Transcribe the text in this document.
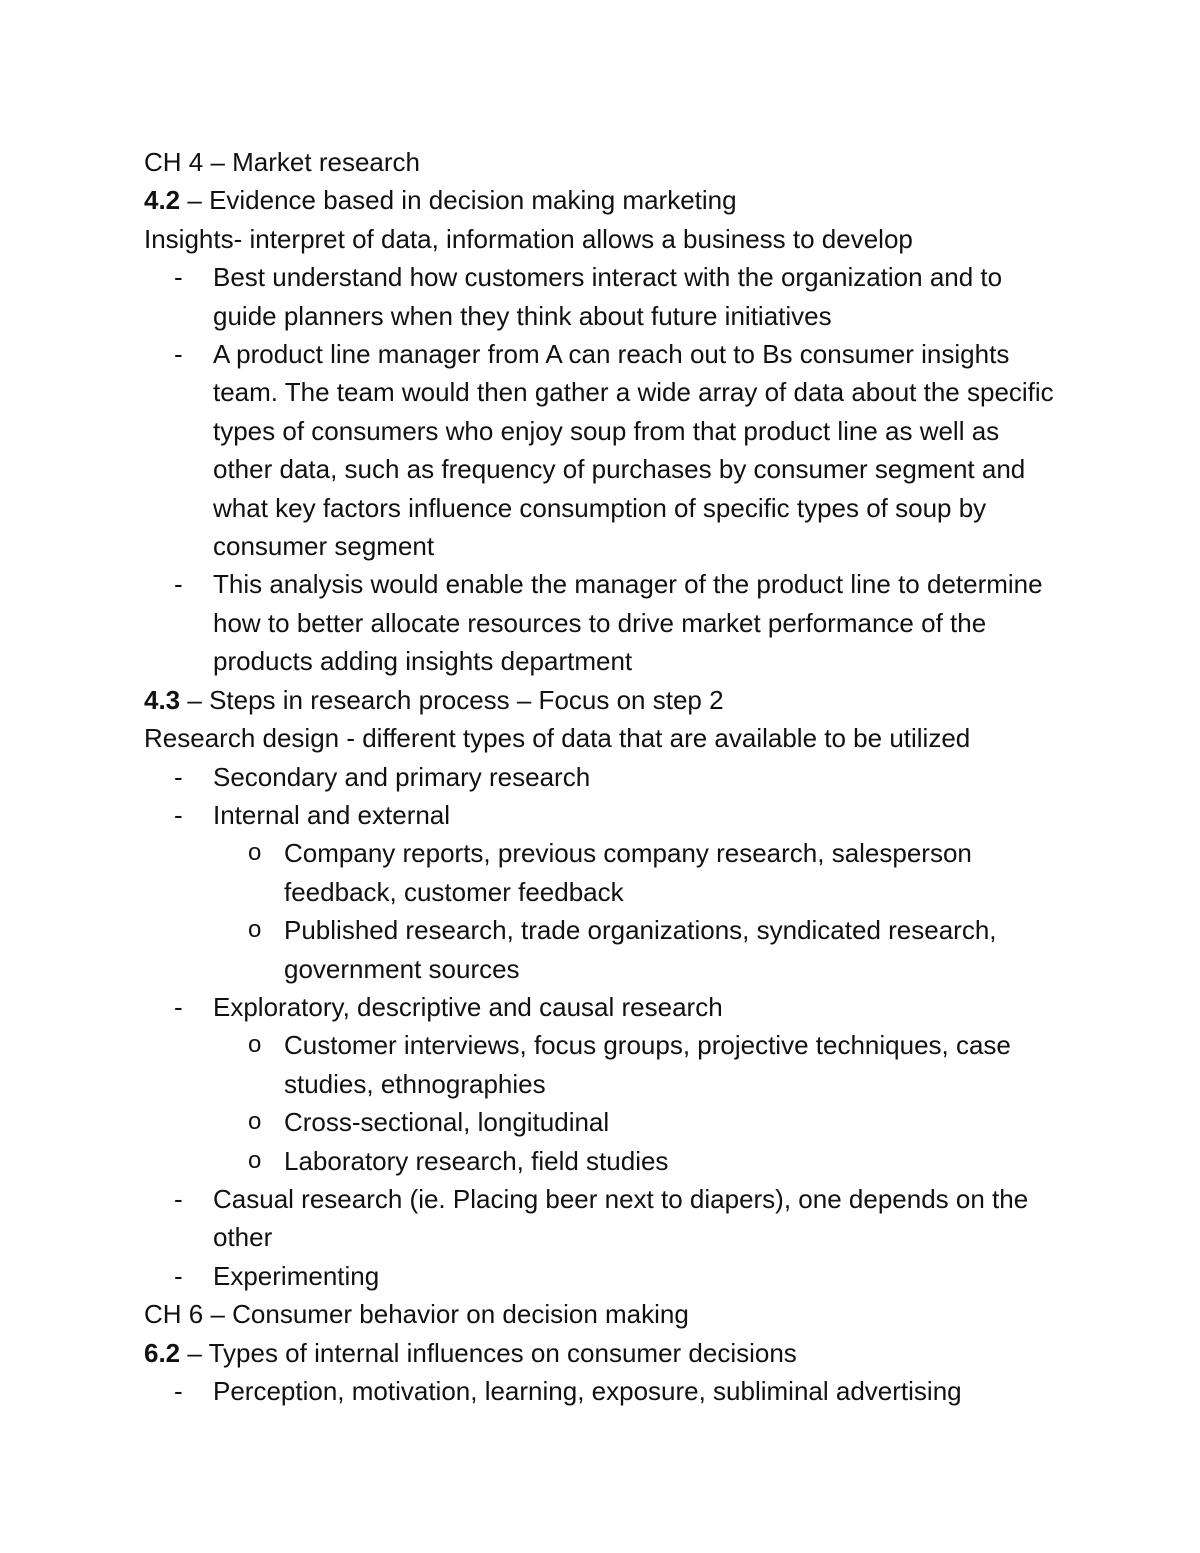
CH 4 – Market research
4.2 – Evidence based in decision making marketing
Insights- interpret of data, information allows a business to develop
- Best understand how customers interact with the organization and to guide planners when they think about future initiatives
- A product line manager from A can reach out to Bs consumer insights team. The team would then gather a wide array of data about the specific types of consumers who enjoy soup from that product line as well as other data, such as frequency of purchases by consumer segment and what key factors influence consumption of specific types of soup by consumer segment
- This analysis would enable the manager of the product line to determine how to better allocate resources to drive market performance of the products adding insights department
4.3 – Steps in research process – Focus on step 2
Research design - different types of data that are available to be utilized
- Secondary and primary research
- Internal and external
o Company reports, previous company research, salesperson feedback, customer feedback
o Published research, trade organizations, syndicated research, government sources
- Exploratory, descriptive and causal research
o Customer interviews, focus groups, projective techniques, case studies, ethnographies
o Cross-sectional, longitudinal
o Laboratory research, field studies
- Casual research (ie. Placing beer next to diapers), one depends on the other
- Experimenting
CH 6 – Consumer behavior on decision making
6.2 – Types of internal influences on consumer decisions
- Perception, motivation, learning, exposure, subliminal advertising
